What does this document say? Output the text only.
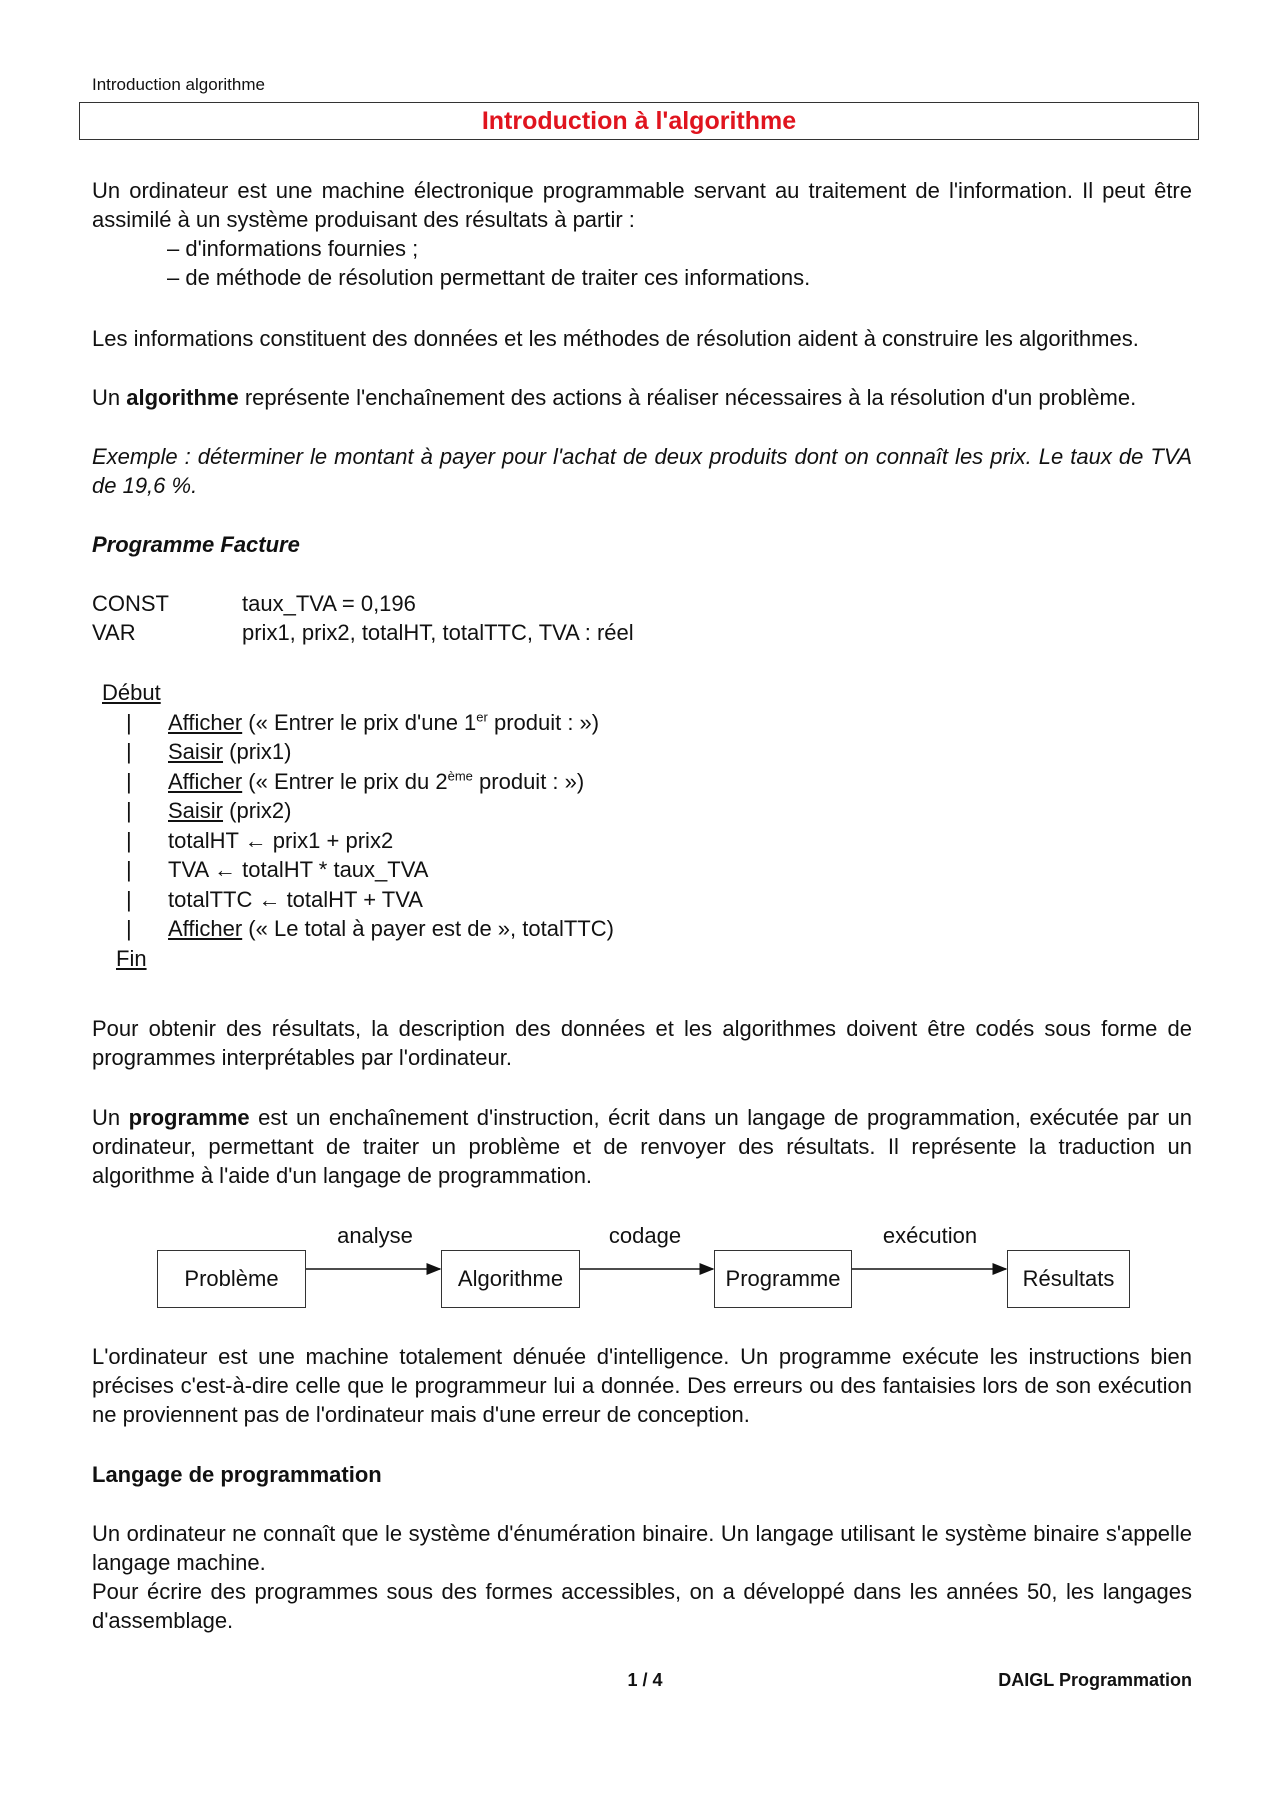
Introduction algorithme
Introduction à l'algorithme

Un ordinateur est une machine électronique programmable servant au traitement de l'information. Il peut être assimilé à un système produisant des résultats à partir :

– d'informations fournies ;
– de méthode de résolution permettant de traiter ces informations.

Les informations constituent des données et les méthodes de résolution aident à construire les algorithmes.

Un algorithme représente l'enchaînement des actions à réaliser nécessaires à la résolution d'un problème.

Exemple : déterminer le montant à payer pour l'achat de deux produits dont on connaît les prix. Le taux de TVA de 19,6 %.

Programme Facture

CONST	taux_TVA = 0,196
VAR	prix1, prix2, totalHT, totalTTC, TVA : réel
Début
| Afficher (« Entrer le prix d'une 1er produit : »)
| Saisir (prix1)
| Afficher (« Entrer le prix du 2ème produit : »)
| Saisir (prix2)
| totalHT ← prix1 + prix2
| TVA ← totalHT * taux_TVA
| totalTTC ← totalHT + TVA
| Afficher (« Le total à payer est de », totalTTC)
Fin

Pour obtenir des résultats, la description des données et les algorithmes doivent être codés sous forme de programmes interprétables par l'ordinateur.

Un programme est un enchaînement d'instruction, écrit dans un langage de programmation, exécutée par un ordinateur, permettant de traiter un problème et de renvoyer des résultats. Il représente la traduction un algorithme à l'aide d'un langage de programmation.

analyse	codage	exécution
Problème	Algorithme	Programme	Résultats

L'ordinateur est une machine totalement dénuée d'intelligence. Un programme exécute les instructions bien précises c'est-à-dire celle que le programmeur lui a donnée. Des erreurs ou des fantaisies lors de son exécution ne proviennent pas de l'ordinateur mais d'une erreur de conception.

Langage de programmation

Un ordinateur ne connaît que le système d'énumération binaire. Un langage utilisant le système binaire s'appelle langage machine.

Pour écrire des programmes sous des formes accessibles, on a développé dans les années 50, les langages d'assemblage.

1 / 4	DAIGL Programmation
